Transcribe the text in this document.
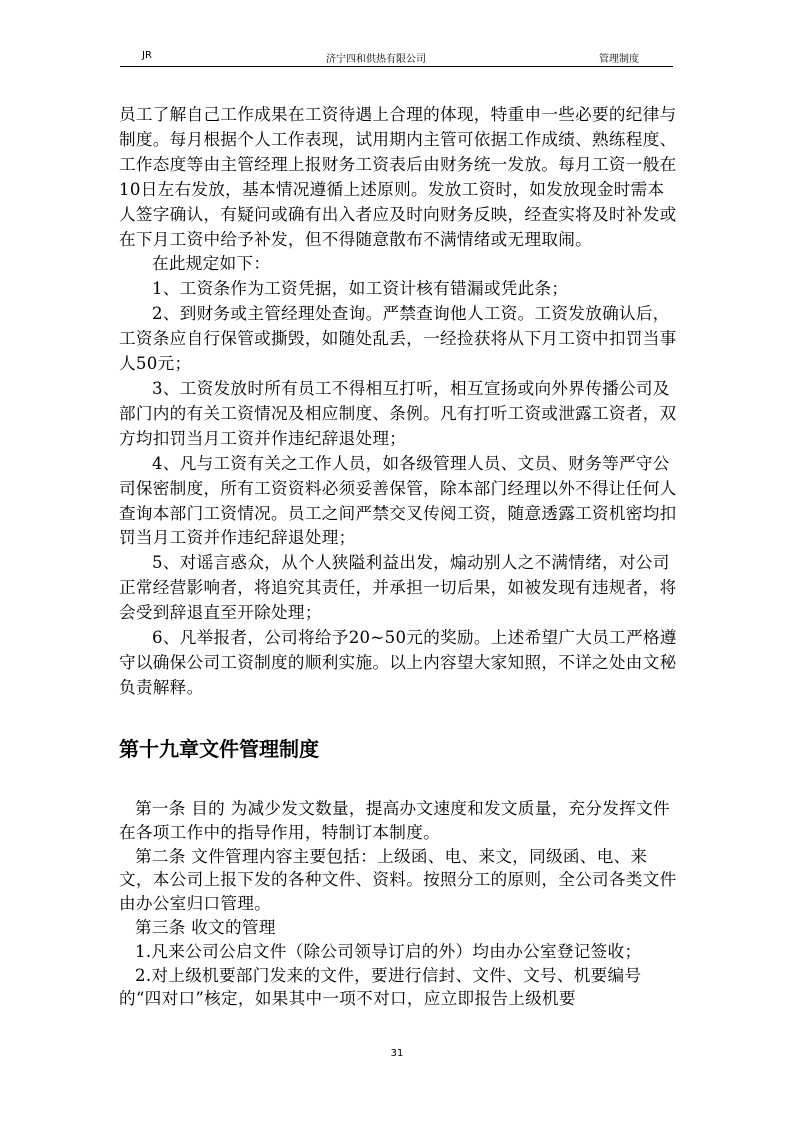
JR	济宁四和供热有限公司	管理制度

员工了解自己工作成果在工资待遇上合理的体现，特重申一些必要的纪律与制度。每月根据个人工作表现，试用期内主管可依据工作成绩、熟练程度、工作态度等由主管经理上报财务工资表后由财务统一发放。每月工资一般在10日左右发放，基本情况遵循上述原则。发放工资时，如发放现金时需本人签字确认，有疑问或确有出入者应及时向财务反映，经查实将及时补发或在下月工资中给予补发，但不得随意散布不满情绪或无理取闹。

在此规定如下：

1、工资条作为工资凭据，如工资计核有错漏或凭此条；

2、到财务或主管经理处查询。严禁查询他人工资。工资发放确认后，工资条应自行保管或撕毁，如随处乱丢，一经捡获将从下月工资中扣罚当事人50元；

3、工资发放时所有员工不得相互打听，相互宣扬或向外界传播公司及部门内的有关工资情况及相应制度、条例。凡有打听工资或泄露工资者，双方均扣罚当月工资并作违纪辞退处理；

4、凡与工资有关之工作人员，如各级管理人员、文员、财务等严守公司保密制度，所有工资资料必须妥善保管，除本部门经理以外不得让任何人查询本部门工资情况。员工之间严禁交叉传阅工资，随意透露工资机密均扣罚当月工资并作违纪辞退处理；

5、对谣言惑众，从个人狭隘利益出发，煽动别人之不满情绪，对公司正常经营影响者，将追究其责任，并承担一切后果，如被发现有违规者，将会受到辞退直至开除处理；

6、凡举报者，公司将给予20~50元的奖励。上述希望广大员工严格遵守以确保公司工资制度的顺利实施。以上内容望大家知照，不详之处由文秘负责解释。

第十九章文件管理制度

第一条 目的 为减少发文数量，提高办文速度和发文质量，充分发挥文件在各项工作中的指导作用，特制订本制度。

第二条 文件管理内容主要包括：上级函、电、来文，同级函、电、来文，本公司上报下发的各种文件、资料。按照分工的原则，全公司各类文件由办公室归口管理。

第三条 收文的管理

1.凡来公司公启文件（除公司领导订启的外）均由办公室登记签收；

2.对上级机要部门发来的文件，要进行信封、文件、文号、机要编号的“四对口”核定，如果其中一项不对口，应立即报告上级机要

31
